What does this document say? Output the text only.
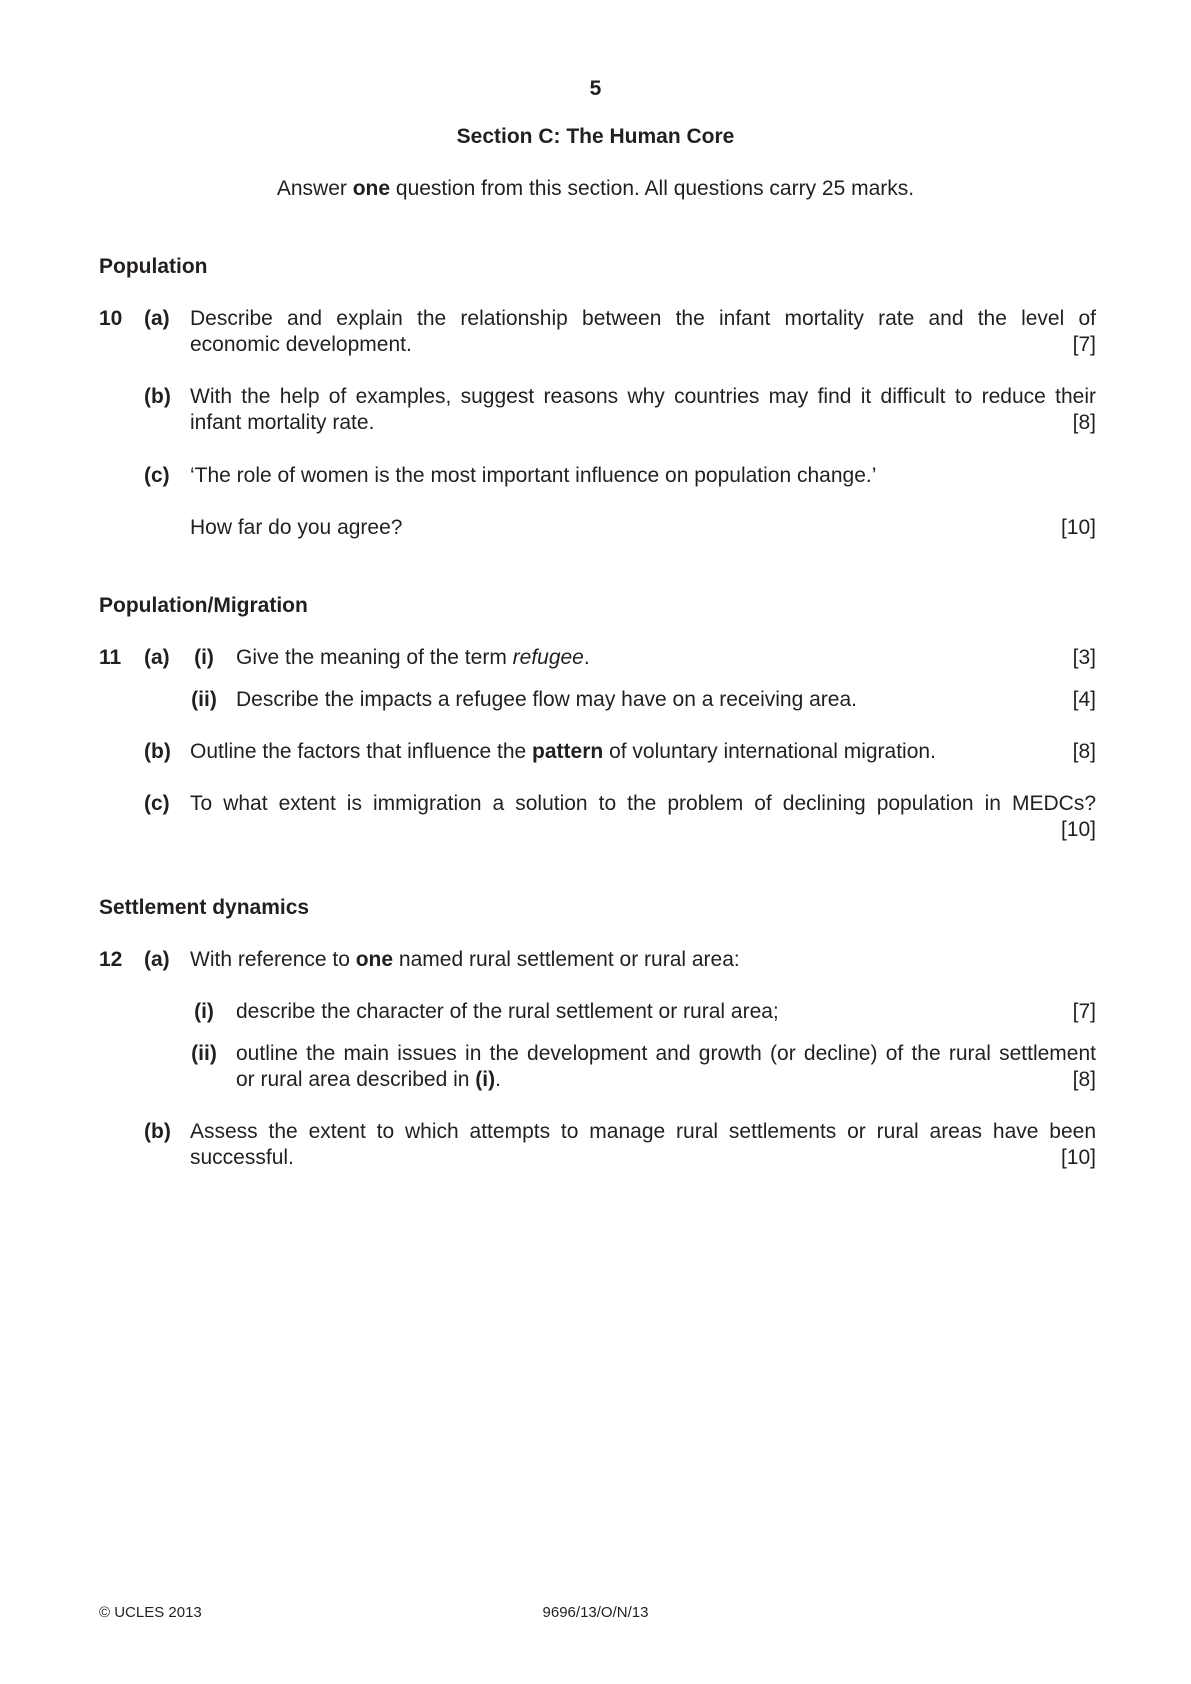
5
Section C: The Human Core
Answer one question from this section. All questions carry 25 marks.
Population
10 (a) Describe and explain the relationship between the infant mortality rate and the level of
economic development.	[7]
(b) With the help of examples, suggest reasons why countries may find it difficult to reduce their
infant mortality rate.	[8]
(c) ‘The role of women is the most important influence on population change.’
How far do you agree?	[10]
Population/Migration
11 (a)	(i)	Give the meaning of the term refugee.	[3]
(ii) Describe the impacts a refugee flow may have on a receiving area.	[4]
(b) Outline the factors that influence the pattern of voluntary international migration.	[8]
(c) To what extent is immigration a solution to the problem of declining population in MEDCs?
[10]
Settlement dynamics
12 (a) With reference to one named rural settlement or rural area:
(i)	describe the character of the rural settlement or rural area;	[7]
(ii) outline the main issues in the development and growth (or decline) of the rural settlement
or rural area described in (i).	[8]
(b) Assess the extent to which attempts to manage rural settlements or rural areas have been
successful.	[10]
© UCLES 2013	9696/13/O/N/13
